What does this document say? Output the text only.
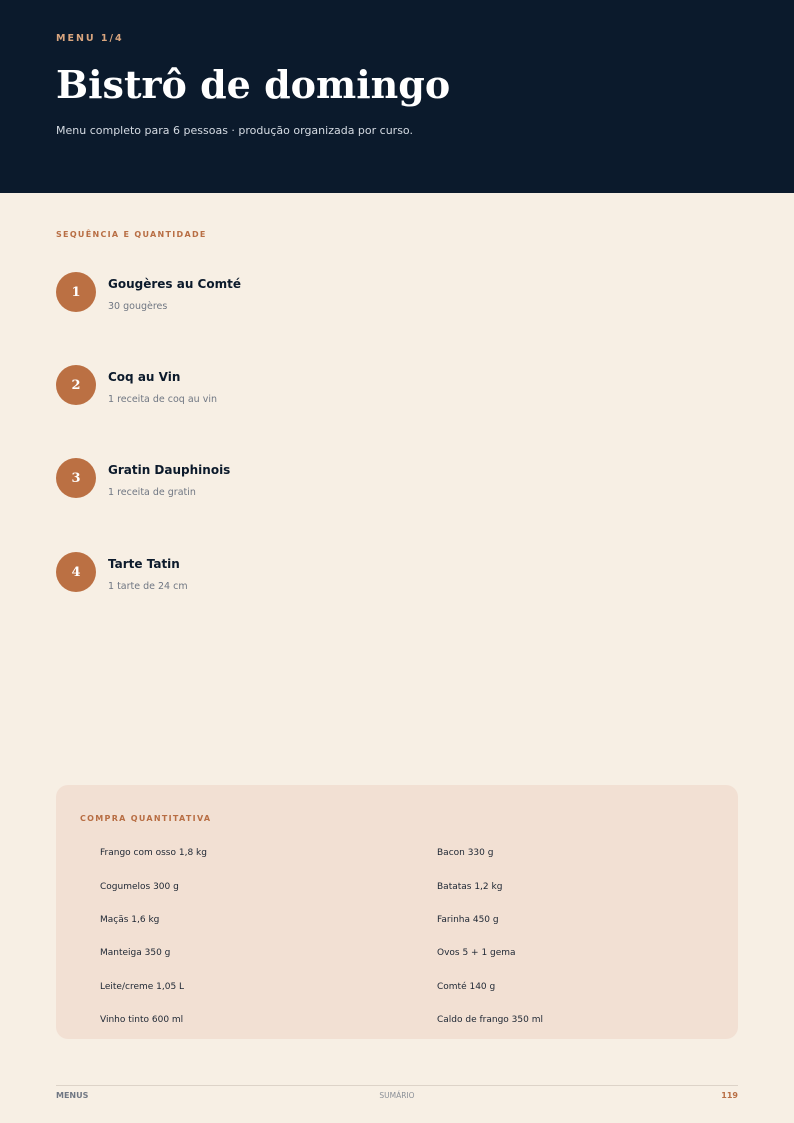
MENU 1/4
Bistrô de domingo
Menu completo para 6 pessoas · produção organizada por curso.
SEQUÊNCIA E QUANTIDADE
1
Gougères au Comté
30 gougères
2
Coq au Vin
1 receita de coq au vin
3
Gratin Dauphinois
1 receita de gratin
4
Tarte Tatin
1 tarte de 24 cm
COMPRA QUANTITATIVA
Frango com osso 1,8 kg
Cogumelos 300 g
Maçãs 1,6 kg
Manteiga 350 g
Leite/creme 1,05 L
Vinho tinto 600 ml
Bacon 330 g
Batatas 1,2 kg
Farinha 450 g
Ovos 5 + 1 gema
Comté 140 g
Caldo de frango 350 ml
MENUS	SUMÁRIO	119
